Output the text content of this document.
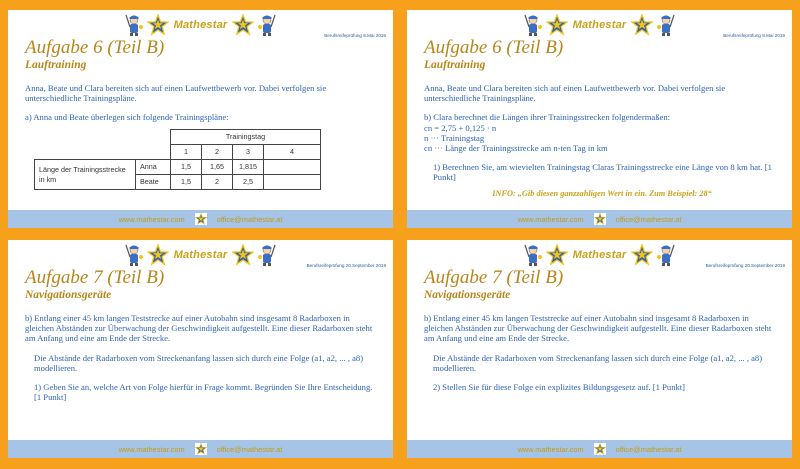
Mathestar
Berufsreifeprüfung 8.Mai 2019
Aufgabe 6 (Teil B)
Lauftraining

Anna, Beate und Clara bereiten sich auf einen Laufwettbewerb vor. Dabei verfolgen sie unterschiedliche Trainingspläne.

a) Anna und Beate überlegen sich folgende Trainingspläne:
		Trainingstag			
		1	2	3	4
Länge der Trainingsstrecke in km	Anna	1,5	1,65	1,815	
	Beate	1,5	2	2,5	
www.mathestar.com	office@mathestar.at
Mathestar
Berufsreifeprüfung 8.Mai 2019
Aufgabe 6 (Teil B)
Lauftraining

Anna, Beate und Clara bereiten sich auf einen Laufwettbewerb vor. Dabei verfolgen sie unterschiedliche Trainingspläne.

b) Clara berechnet die Längen ihrer Trainingsstrecken folgendermaßen:
cn = 2,75 + 0,125 · n
n ··· Trainingstag
cn ··· Länge der Trainingsstrecke am n-ten Tag in km
1) Berechnen Sie, am wievielten Trainingstag Claras Trainingsstrecke eine Länge von 8 km hat. [1 Punkt]
INFO: „Gib diesen ganzzahligen Wert in ein. Zum Beispiel: 28“
www.mathestar.com	office@mathestar.at
Mathestar
Berufsreifeprüfung 20.September 2019
Aufgabe 7 (Teil B)
Navigationsgeräte

b) Entlang einer 45 km langen Teststrecke auf einer Autobahn sind insgesamt 8 Radarboxen in gleichen Abständen zur Überwachung der Geschwindigkeit aufgestellt. Eine dieser Radarboxen steht am Anfang und eine am Ende der Strecke.

Die Abstände der Radarboxen vom Streckenanfang lassen sich durch eine Folge (a1, a2, ... , a8) modellieren.

1) Geben Sie an, welche Art von Folge hierfür in Frage kommt. Begründen Sie Ihre Entscheidung. [1 Punkt]
www.mathestar.com	office@mathestar.at
Mathestar
Berufsreifeprüfung 20.September 2019
Aufgabe 7 (Teil B)
Navigationsgeräte

b) Entlang einer 45 km langen Teststrecke auf einer Autobahn sind insgesamt 8 Radarboxen in gleichen Abständen zur Überwachung der Geschwindigkeit aufgestellt. Eine dieser Radarboxen steht am Anfang und eine am Ende der Strecke.

Die Abstände der Radarboxen vom Streckenanfang lassen sich durch eine Folge (a1, a2, ... , a8) modellieren.

2) Stellen Sie für diese Folge ein explizites Bildungsgesetz auf. [1 Punkt]
www.mathestar.com	office@mathestar.at
